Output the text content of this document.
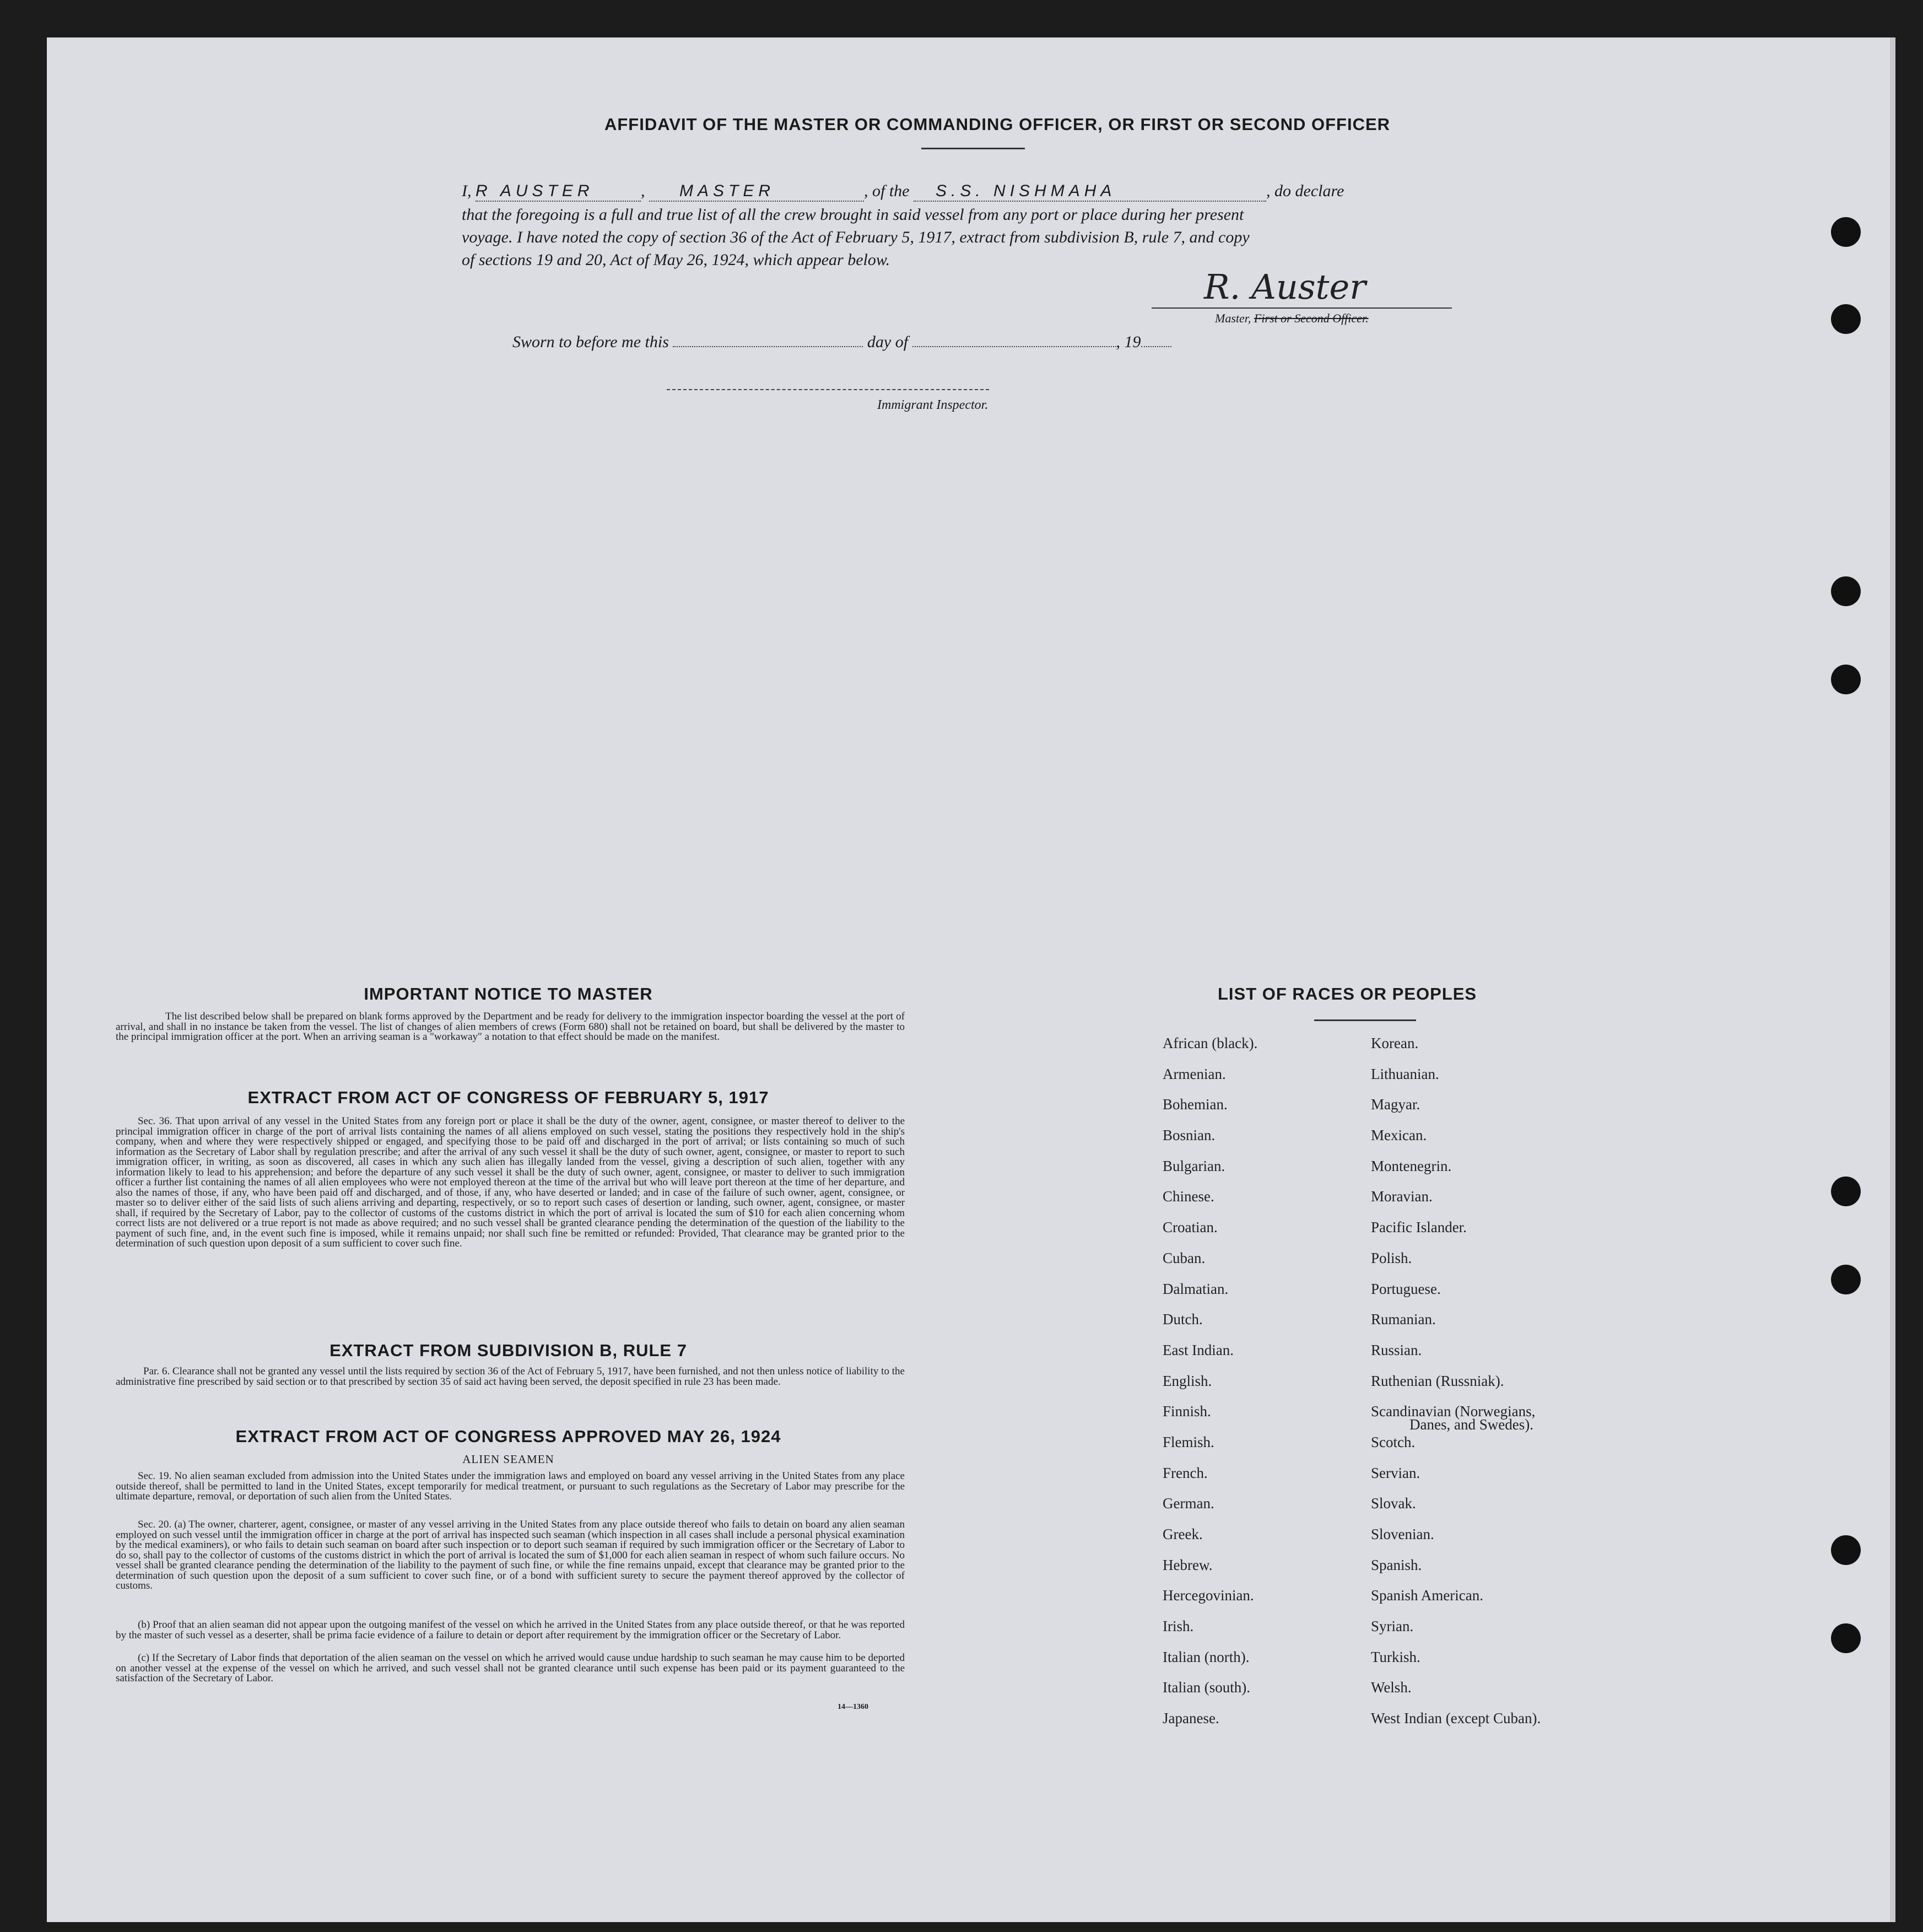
AFFIDAVIT OF THE MASTER OR COMMANDING OFFICER, OR FIRST OR SECOND OFFICER
I, R AUSTER	, MASTER	, of the S.S. NISHMAHA	, do declare
that the foregoing is a full and true list of all the crew brought in said vessel from any port or place during her present
voyage. I have noted the copy of section 36 of the Act of February 5, 1917, extract from subdivision B, rule 7, and copy
of sections 19 and 20, Act of May 26, 1924, which appear below.
R. Auster
Master, First or Second Officer.
Sworn to before me this	day of	, 19
Immigrant Inspector.
IMPORTANT NOTICE TO MASTER
The list described below shall be prepared on blank forms approved by the Department and be ready for delivery to the immigration inspector boarding the vessel at the port of arrival, and shall in no instance be taken from the vessel. The list of changes of alien members of crews (Form 680) shall not be retained on board, but shall be delivered by the master to the principal immigration officer at the port. When an arriving seaman is a "workaway" a notation to that effect should be made on the manifest.
EXTRACT FROM ACT OF CONGRESS OF FEBRUARY 5, 1917
Sec. 36. That upon arrival of any vessel in the United States from any foreign port or place it shall be the duty of the owner, agent, consignee, or master thereof to deliver to the principal immigration officer in charge of the port of arrival lists containing the names of all aliens employed on such vessel, stating the positions they respectively hold in the ship's company, when and where they were respectively shipped or engaged, and specifying those to be paid off and discharged in the port of arrival; or lists containing so much of such information as the Secretary of Labor shall by regulation prescribe; and after the arrival of any such vessel it shall be the duty of such owner, agent, consignee, or master to report to such immigration officer, in writing, as soon as discovered, all cases in which any such alien has illegally landed from the vessel, giving a description of such alien, together with any information likely to lead to his apprehension; and before the departure of any such vessel it shall be the duty of such owner, agent, consignee, or master to deliver to such immigration officer a further list containing the names of all alien employees who were not employed thereon at the time of the arrival but who will leave port thereon at the time of her departure, and also the names of those, if any, who have been paid off and discharged, and of those, if any, who have deserted or landed; and in case of the failure of such owner, agent, consignee, or master so to deliver either of the said lists of such aliens arriving and departing, respectively, or so to report such cases of desertion or landing, such owner, agent, consignee, or master shall, if required by the Secretary of Labor, pay to the collector of customs of the customs district in which the port of arrival is located the sum of $10 for each alien concerning whom correct lists are not delivered or a true report is not made as above required; and no such vessel shall be granted clearance pending the determination of the question of the liability to the payment of such fine, and, in the event such fine is imposed, while it remains unpaid; nor shall such fine be remitted or refunded: Provided, That clearance may be granted prior to the determination of such question upon deposit of a sum sufficient to cover such fine.
EXTRACT FROM SUBDIVISION B, RULE 7
Par. 6. Clearance shall not be granted any vessel until the lists required by section 36 of the Act of February 5, 1917, have been furnished, and not then unless notice of liability to the administrative fine prescribed by said section or to that prescribed by section 35 of said act having been served, the deposit specified in rule 23 has been made.
EXTRACT FROM ACT OF CONGRESS APPROVED MAY 26, 1924
ALIEN SEAMEN
Sec. 19. No alien seaman excluded from admission into the United States under the immigration laws and employed on board any vessel arriving in the United States from any place outside thereof, shall be permitted to land in the United States, except temporarily for medical treatment, or pursuant to such regulations as the Secretary of Labor may prescribe for the ultimate departure, removal, or deportation of such alien from the United States.
Sec. 20. (a) The owner, charterer, agent, consignee, or master of any vessel arriving in the United States from any place outside thereof who fails to detain on board any alien seaman employed on such vessel until the immigration officer in charge at the port of arrival has inspected such seaman (which inspection in all cases shall include a personal physical examination by the medical examiners), or who fails to detain such seaman on board after such inspection or to deport such seaman if required by such immigration officer or the Secretary of Labor to do so, shall pay to the collector of customs of the customs district in which the port of arrival is located the sum of $1,000 for each alien seaman in respect of whom such failure occurs. No vessel shall be granted clearance pending the determination of the liability to the payment of such fine, or while the fine remains unpaid, except that clearance may be granted prior to the determination of such question upon the deposit of a sum sufficient to cover such fine, or of a bond with sufficient surety to secure the payment thereof approved by the collector of customs.
(b) Proof that an alien seaman did not appear upon the outgoing manifest of the vessel on which he arrived in the United States from any place outside thereof, or that he was reported by the master of such vessel as a deserter, shall be prima facie evidence of a failure to detain or deport after requirement by the immigration officer or the Secretary of Labor.
(c) If the Secretary of Labor finds that deportation of the alien seaman on the vessel on which he arrived would cause undue hardship to such seaman he may cause him to be deported on another vessel at the expense of the vessel on which he arrived, and such vessel shall not be granted clearance until such expense has been paid or its payment guaranteed to the satisfaction of the Secretary of Labor.
14—1360
LIST OF RACES OR PEOPLES
African (black).
Armenian.
Bohemian.
Bosnian.
Bulgarian.
Chinese.
Croatian.
Cuban.
Dalmatian.
Dutch.
East Indian.
English.
Finnish.
Flemish.
French.
German.
Greek.
Hebrew.
Hercegovinian.
Irish.
Italian (north).
Italian (south).
Japanese.
Korean.
Lithuanian.
Magyar.
Mexican.
Montenegrin.
Moravian.
Pacific Islander.
Polish.
Portuguese.
Rumanian.
Russian.
Ruthenian (Russniak).
Scandinavian (Norwegians,
Danes, and Swedes).
Scotch.
Servian.
Slovak.
Slovenian.
Spanish.
Spanish American.
Syrian.
Turkish.
Welsh.
West Indian (except Cuban).
